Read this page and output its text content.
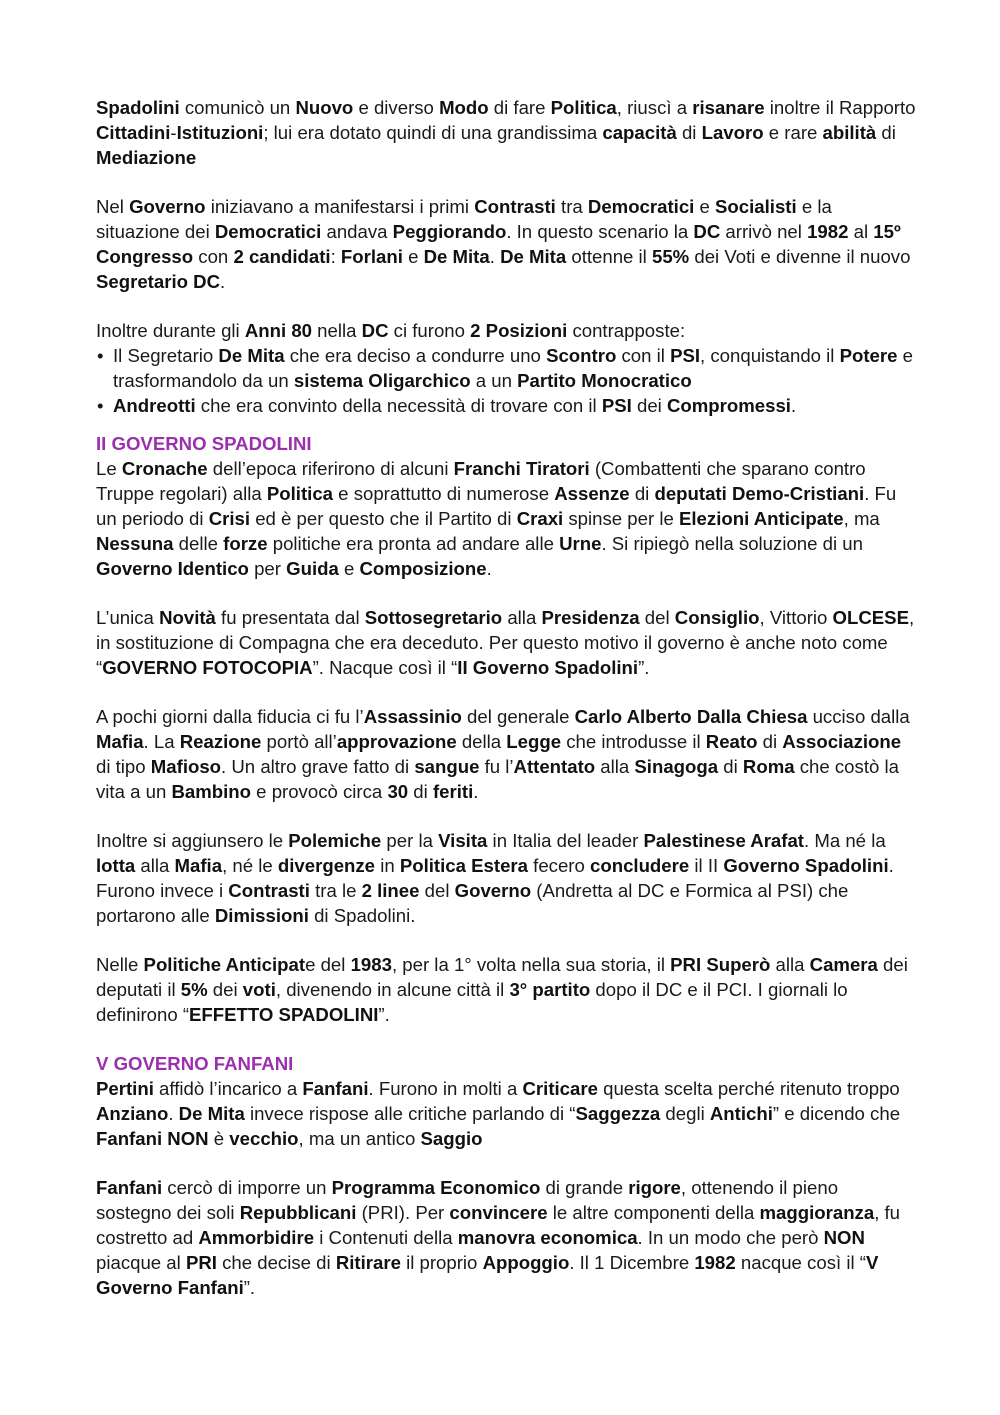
Spadolini comunicò un Nuovo e diverso Modo di fare Politica, riuscì a risanare inoltre il Rapporto Cittadini-Istituzioni; lui era dotato quindi di una grandissima capacità di Lavoro e rare abilità di Mediazione

Nel Governo iniziavano a manifestarsi i primi Contrasti tra Democratici e Socialisti e la situazione dei Democratici andava Peggiorando. In questo scenario la DC arrivò nel 1982 al 15º Congresso con 2 candidati: Forlani e De Mita. De Mita ottenne il 55% dei Voti e divenne il nuovo Segretario DC.

Inoltre durante gli Anni 80 nella DC ci furono 2 Posizioni contrapposte:

• Il Segretario De Mita che era deciso a condurre uno Scontro con il PSI, conquistando il Potere e trasformandolo da un sistema Oligarchico a un Partito Monocratico
• Andreotti che era convinto della necessità di trovare con il PSI dei Compromessi.
II GOVERNO SPADOLINI

Le Cronache dell’epoca riferirono di alcuni Franchi Tiratori (Combattenti che sparano contro Truppe regolari) alla Politica e soprattutto di numerose Assenze di deputati Demo-Cristiani. Fu un periodo di Crisi ed è per questo che il Partito di Craxi spinse per le Elezioni Anticipate, ma Nessuna delle forze politiche era pronta ad andare alle Urne. Si ripiegò nella soluzione di un Governo Identico per Guida e Composizione.

L’unica Novità fu presentata dal Sottosegretario alla Presidenza del Consiglio, Vittorio OLCESE, in sostituzione di Compagna che era deceduto. Per questo motivo il governo è anche noto come “GOVERNO FOTOCOPIA”. Nacque così il “II Governo Spadolini”.

A pochi giorni dalla fiducia ci fu l’Assassinio del generale Carlo Alberto Dalla Chiesa ucciso dalla Mafia. La Reazione portò all’approvazione della Legge che introdusse il Reato di Associazione di tipo Mafioso. Un altro grave fatto di sangue fu l’Attentato alla Sinagoga di Roma che costò la vita a un Bambino e provocò circa 30 di feriti.

Inoltre si aggiunsero le Polemiche per la Visita in Italia del leader Palestinese Arafat. Ma né la lotta alla Mafia, né le divergenze in Politica Estera fecero concludere il II Governo Spadolini. Furono invece i Contrasti tra le 2 linee del Governo (Andretta al DC e Formica al PSI) che portarono alle Dimissioni di Spadolini.

Nelle Politiche Anticipate del 1983, per la 1° volta nella sua storia, il PRI Superò alla Camera dei deputati il 5% dei voti, divenendo in alcune città il 3° partito dopo il DC e il PCI. I giornali lo definirono “EFFETTO SPADOLINI”.

V GOVERNO FANFANI

Pertini affidò l’incarico a Fanfani. Furono in molti a Criticare questa scelta perché ritenuto troppo Anziano. De Mita invece rispose alle critiche parlando di “Saggezza degli Antichi” e dicendo che Fanfani NON è vecchio, ma un antico Saggio

Fanfani cercò di imporre un Programma Economico di grande rigore, ottenendo il pieno sostegno dei soli Repubblicani (PRI). Per convincere le altre componenti della maggioranza, fu costretto ad Ammorbidire i Contenuti della manovra economica. In un modo che però NON piacque al PRI che decise di Ritirare il proprio Appoggio. Il 1 Dicembre 1982 nacque così il “V Governo Fanfani”.
